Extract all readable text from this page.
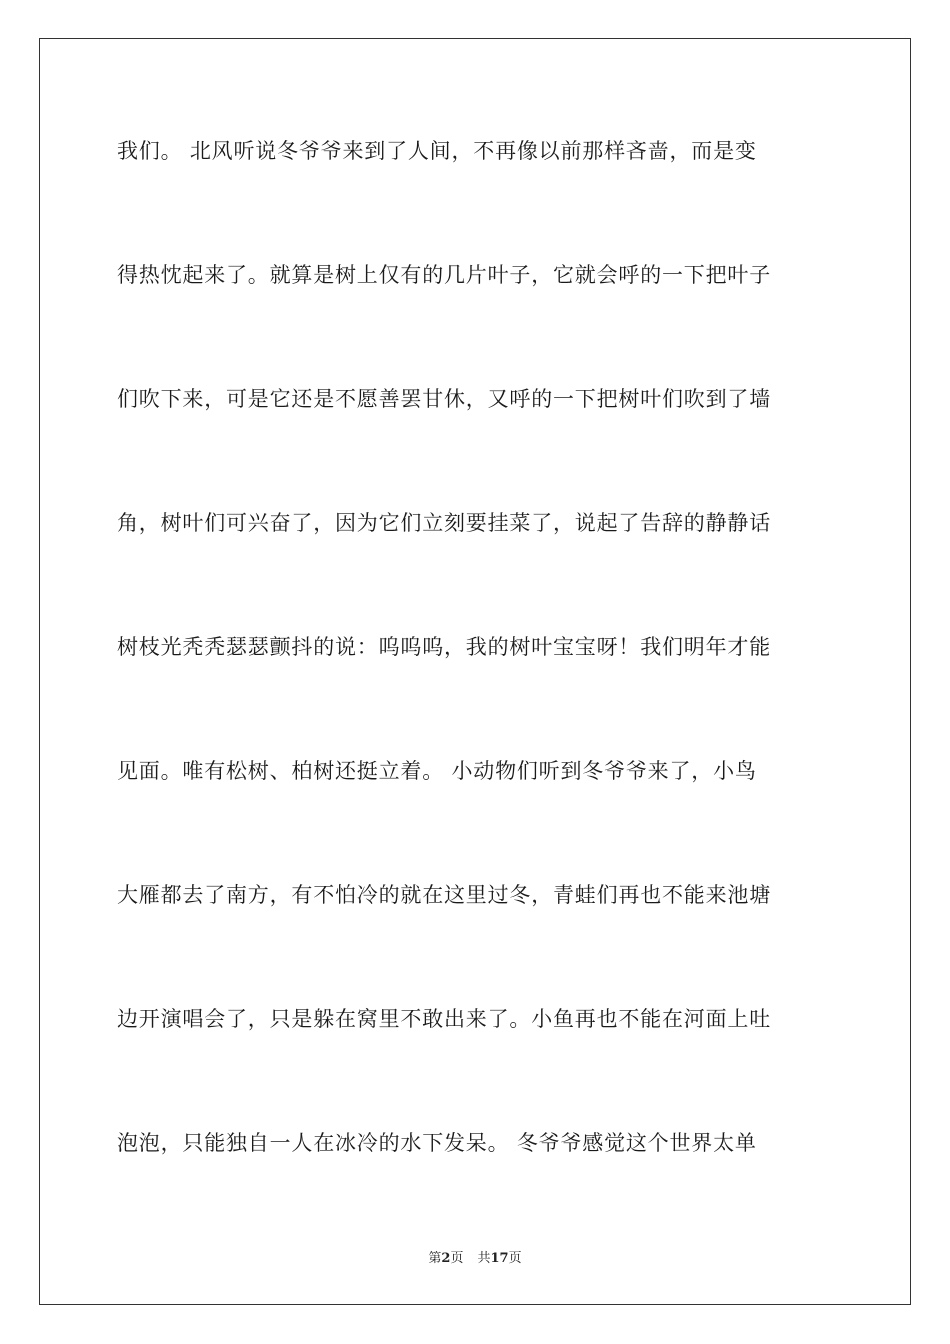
我们。 北风听说冬爷爷来到了人间，不再像以前那样吝啬，而是变
得热忱起来了。就算是树上仅有的几片叶子，它就会呼的一下把叶子
们吹下来，可是它还是不愿善罢甘休，又呼的一下把树叶们吹到了墙
角，树叶们可兴奋了，因为它们立刻要挂菜了，说起了告辞的静静话
树枝光秃秃瑟瑟颤抖的说：呜呜呜，我的树叶宝宝呀！我们明年才能
见面。唯有松树、柏树还挺立着。 小动物们听到冬爷爷来了，小鸟
大雁都去了南方，有不怕冷的就在这里过冬，青蛙们再也不能来池塘
边开演唱会了，只是躲在窝里不敢出来了。小鱼再也不能在河面上吐
泡泡，只能独自一人在冰冷的水下发呆。 冬爷爷感觉这个世界太单
第2页 共17页
